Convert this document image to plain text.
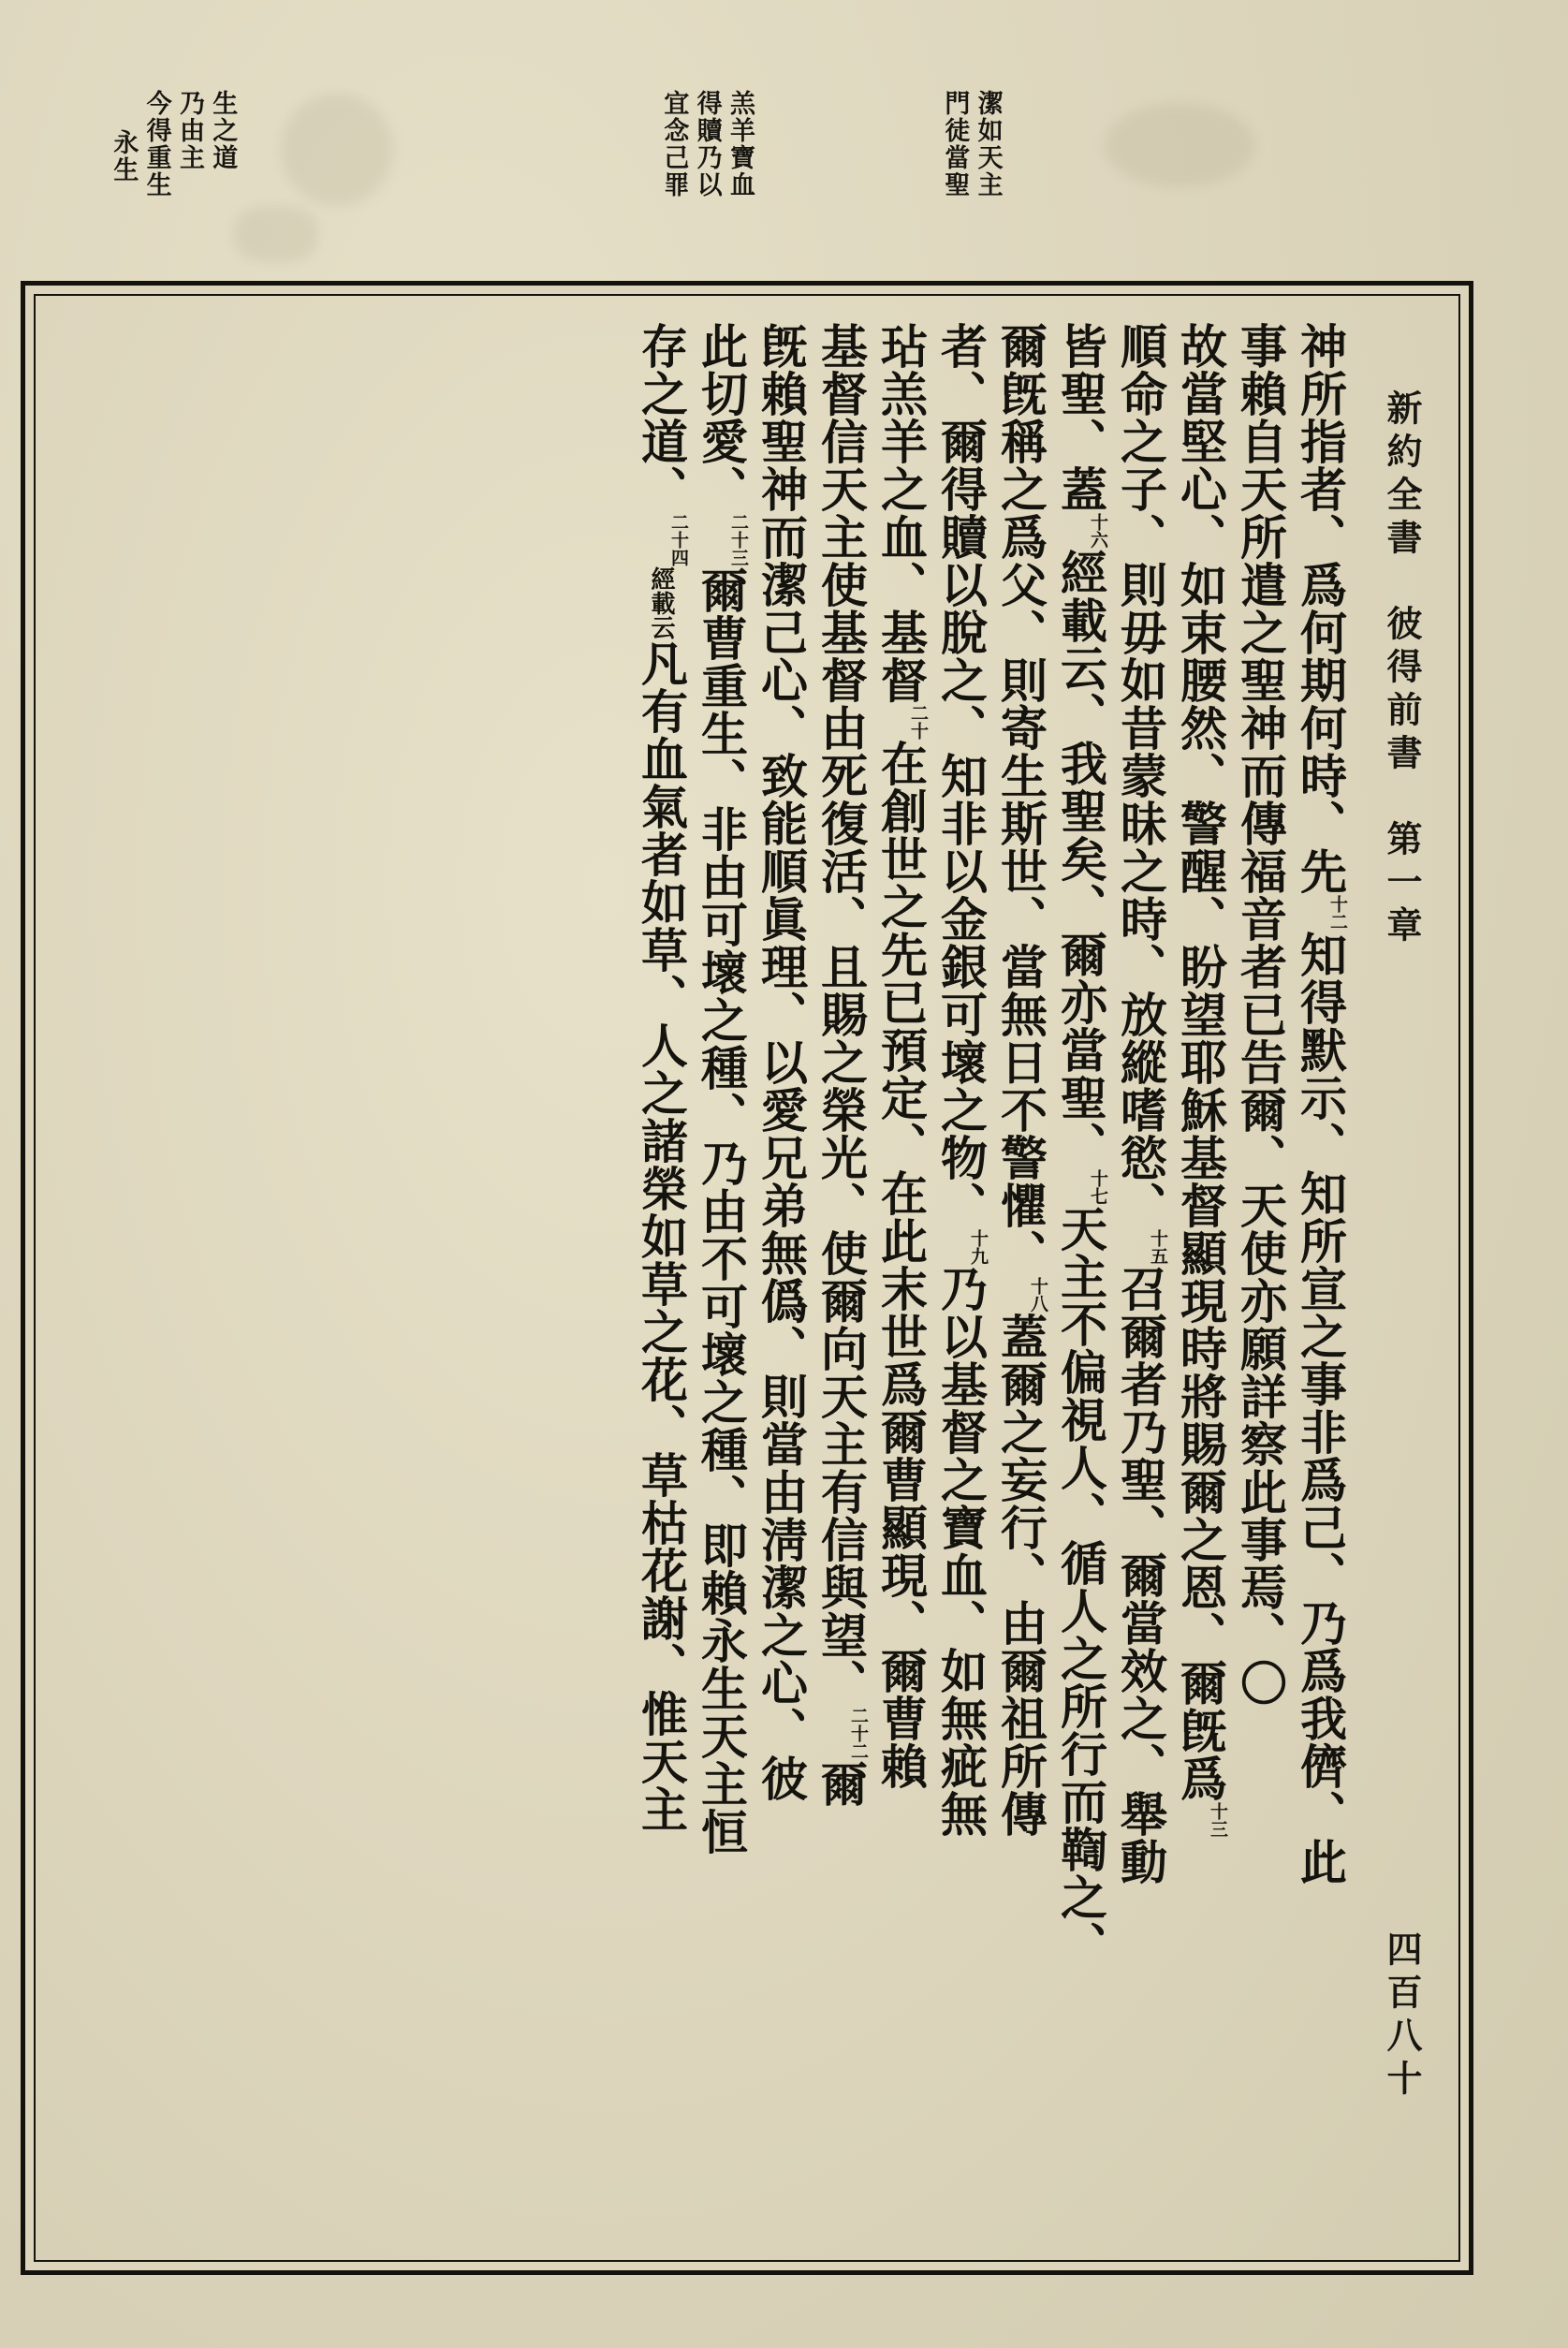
生之道
乃由主
今得重生
永生	羔羊寶血
得贖乃以
宜念己罪	潔如天主
門徒當聖
新約全書　彼得前書　第一章
四百八十
神所指者、爲何期何時、先$^{十二}$知得默示、知所宣之事非爲己、乃爲我儕、此
事賴自天所遣之聖神而傳福音者已告爾、天使亦願詳察此事焉、〇
故當堅心、如束腰然、警醒、盼望耶穌基督顯現時將賜爾之恩、爾旣爲$^{十三}$
順命之子、則毋如昔蒙昧之時、放縱嗜慾、$^{十五}$召爾者乃聖、爾當效之、舉動
皆聖、蓋$^{十六}$經載云、我聖矣、爾亦當聖、$^{十七}$天主不偏視人、循人之所行而鞫之、
爾旣稱之爲父、則寄生斯世、當無日不警懼、$^{十八}$蓋爾之妄行、由爾祖所傳
者、爾得贖以脫之、知非以金銀可壞之物、$^{十九}$乃以基督之寶血、如無疵無
玷羔羊之血、基督$^{二十}$在創世之先已預定、在此末世爲爾曹顯現、爾曹賴
基督信天主使基督由死復活、且賜之榮光、使爾向天主有信與望、$^{二十二}$爾
旣賴聖神而潔己心、致能順眞理、以愛兄弟無僞、則當由淸潔之心、彼
此切愛、$^{二十三}$爾曹重生、非由可壞之種、乃由不可壞之種、即賴永生天主恒
存之道、$^{二十四}$經載云凡有血氣者如草、人之諸榮如草之花、草枯花謝、惟天主
